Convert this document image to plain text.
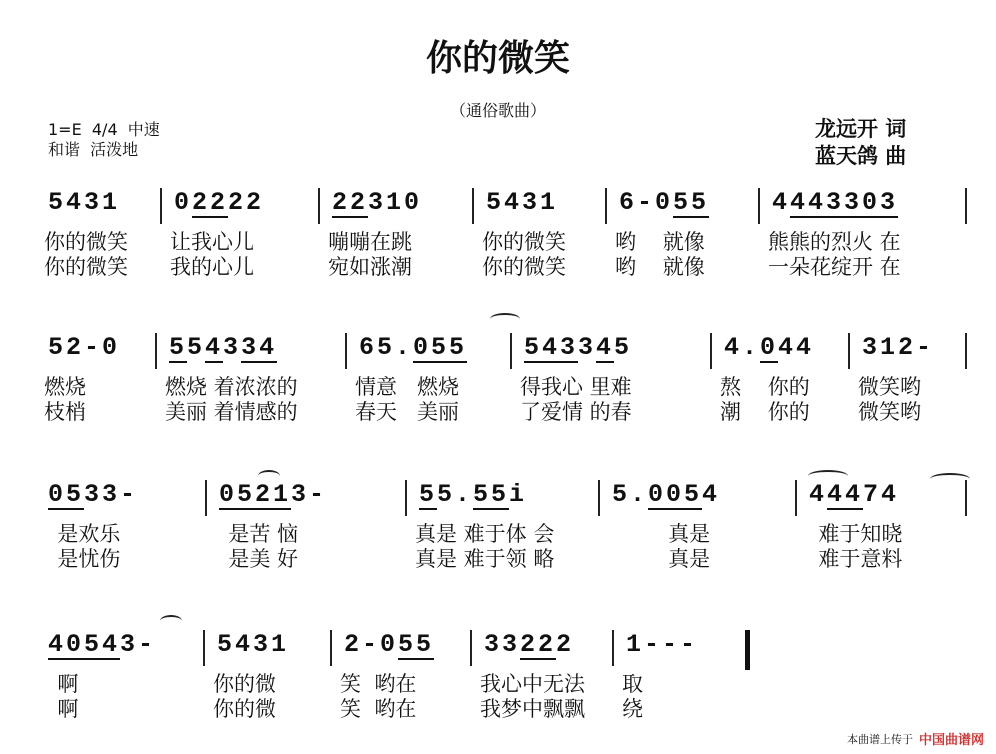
你的微笑
（通俗歌曲）
1=E  4/4  中速
和谐  活泼地
龙远开 词
蓝天鸽 曲
5431
你的微笑
你的微笑
02222
让我心儿
我的心儿
22310
嘣嘣在跳
宛如涨潮
5431
你的微笑
你的微笑
6-055
哟    就像
哟    就像
4443303
熊熊的烈火 在
一朵花绽开 在
52-0
燃烧
枝梢
554334
燃烧 着浓浓的
美丽 着情感的
65.055
情意   燃烧
春天   美丽
543345
得我心 里难
了爱情 的春
4.044
熬    你的
潮    你的
312-
微笑哟
微笑哟
0533-
是欢乐
是忧伤
05213-
是苦 恼
是美 好
55.55i
真是 难于体 会
真是 难于领 略
5.0054
真是
真是
44474
难于知晓
难于意料
40543-
啊
啊
5431
你的微
你的微
2-055
笑  哟在
笑  哟在
33222
我心中无法
我梦中飘飘
1---
取
绕
本曲谱上传于 中国曲谱网
